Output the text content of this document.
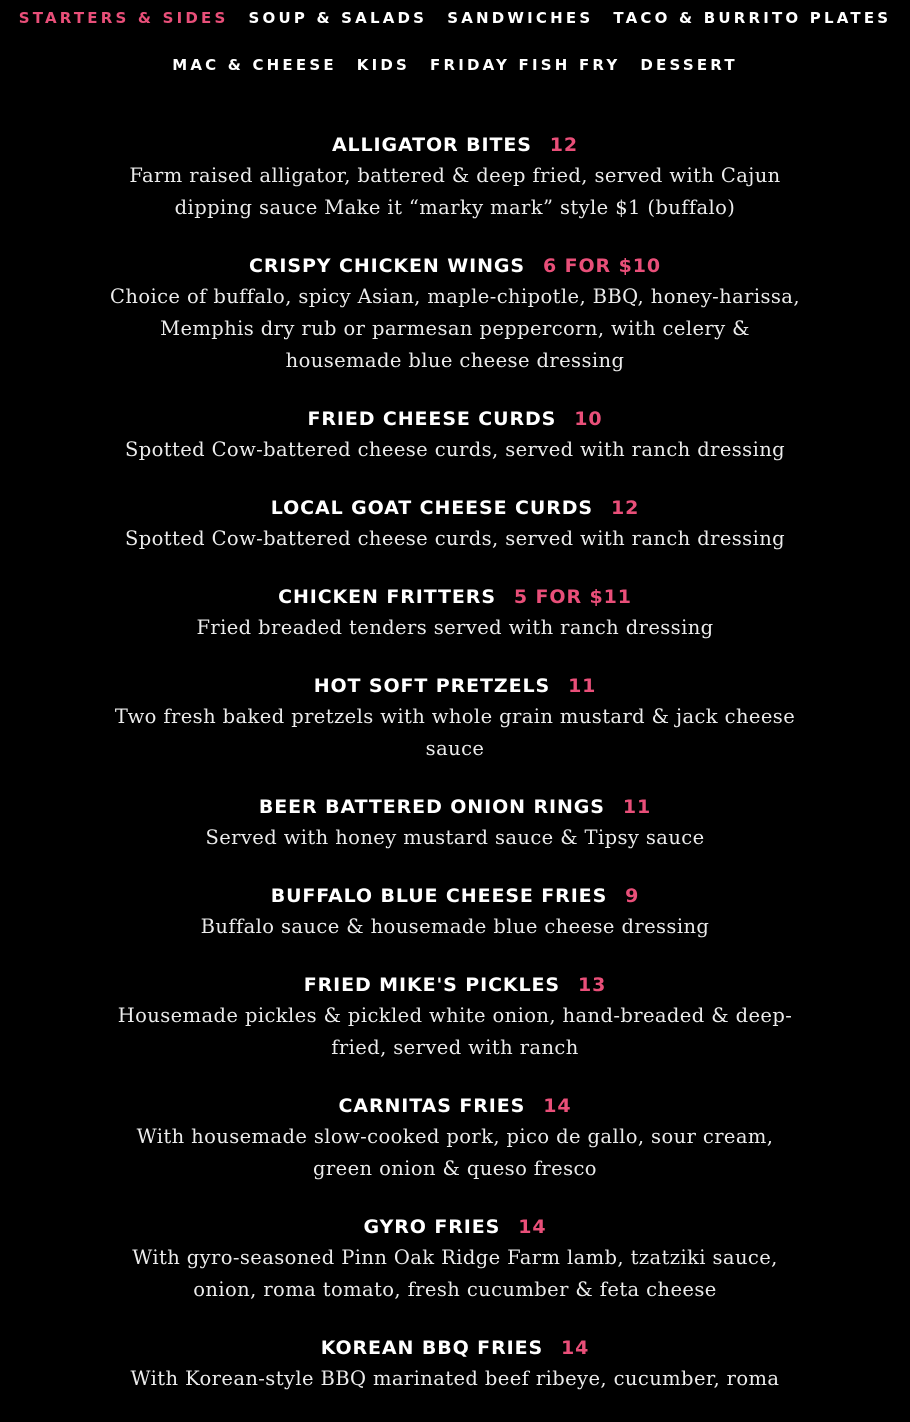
STARTERS & SIDES SOUP & SALADS SANDWICHES TACO & BURRITO PLATES
MAC & CHEESE KIDS FRIDAY FISH FRY DESSERT
ALLIGATOR BITES 12
Farm raised alligator, battered & deep fried, served with Cajun dipping sauce Make it “marky mark” style $1 (buffalo)
CRISPY CHICKEN WINGS 6 FOR $10
Choice of buffalo, spicy Asian, maple-chipotle, BBQ, honey-harissa, Memphis dry rub or parmesan peppercorn, with celery & housemade blue cheese dressing
FRIED CHEESE CURDS 10
Spotted Cow-battered cheese curds, served with ranch dressing
LOCAL GOAT CHEESE CURDS 12
Spotted Cow-battered cheese curds, served with ranch dressing
CHICKEN FRITTERS 5 FOR $11
Fried breaded tenders served with ranch dressing
HOT SOFT PRETZELS 11
Two fresh baked pretzels with whole grain mustard & jack cheese sauce
BEER BATTERED ONION RINGS 11
Served with honey mustard sauce & Tipsy sauce
BUFFALO BLUE CHEESE FRIES 9
Buffalo sauce & housemade blue cheese dressing
FRIED MIKE'S PICKLES 13
Housemade pickles & pickled white onion, hand-breaded & deep-fried, served with ranch
CARNITAS FRIES 14
With housemade slow-cooked pork, pico de gallo, sour cream, green onion & queso fresco
GYRO FRIES 14
With gyro-seasoned Pinn Oak Ridge Farm lamb, tzatziki sauce, onion, roma tomato, fresh cucumber & feta cheese
KOREAN BBQ FRIES 14
With Korean-style BBQ marinated beef ribeye, cucumber, roma
